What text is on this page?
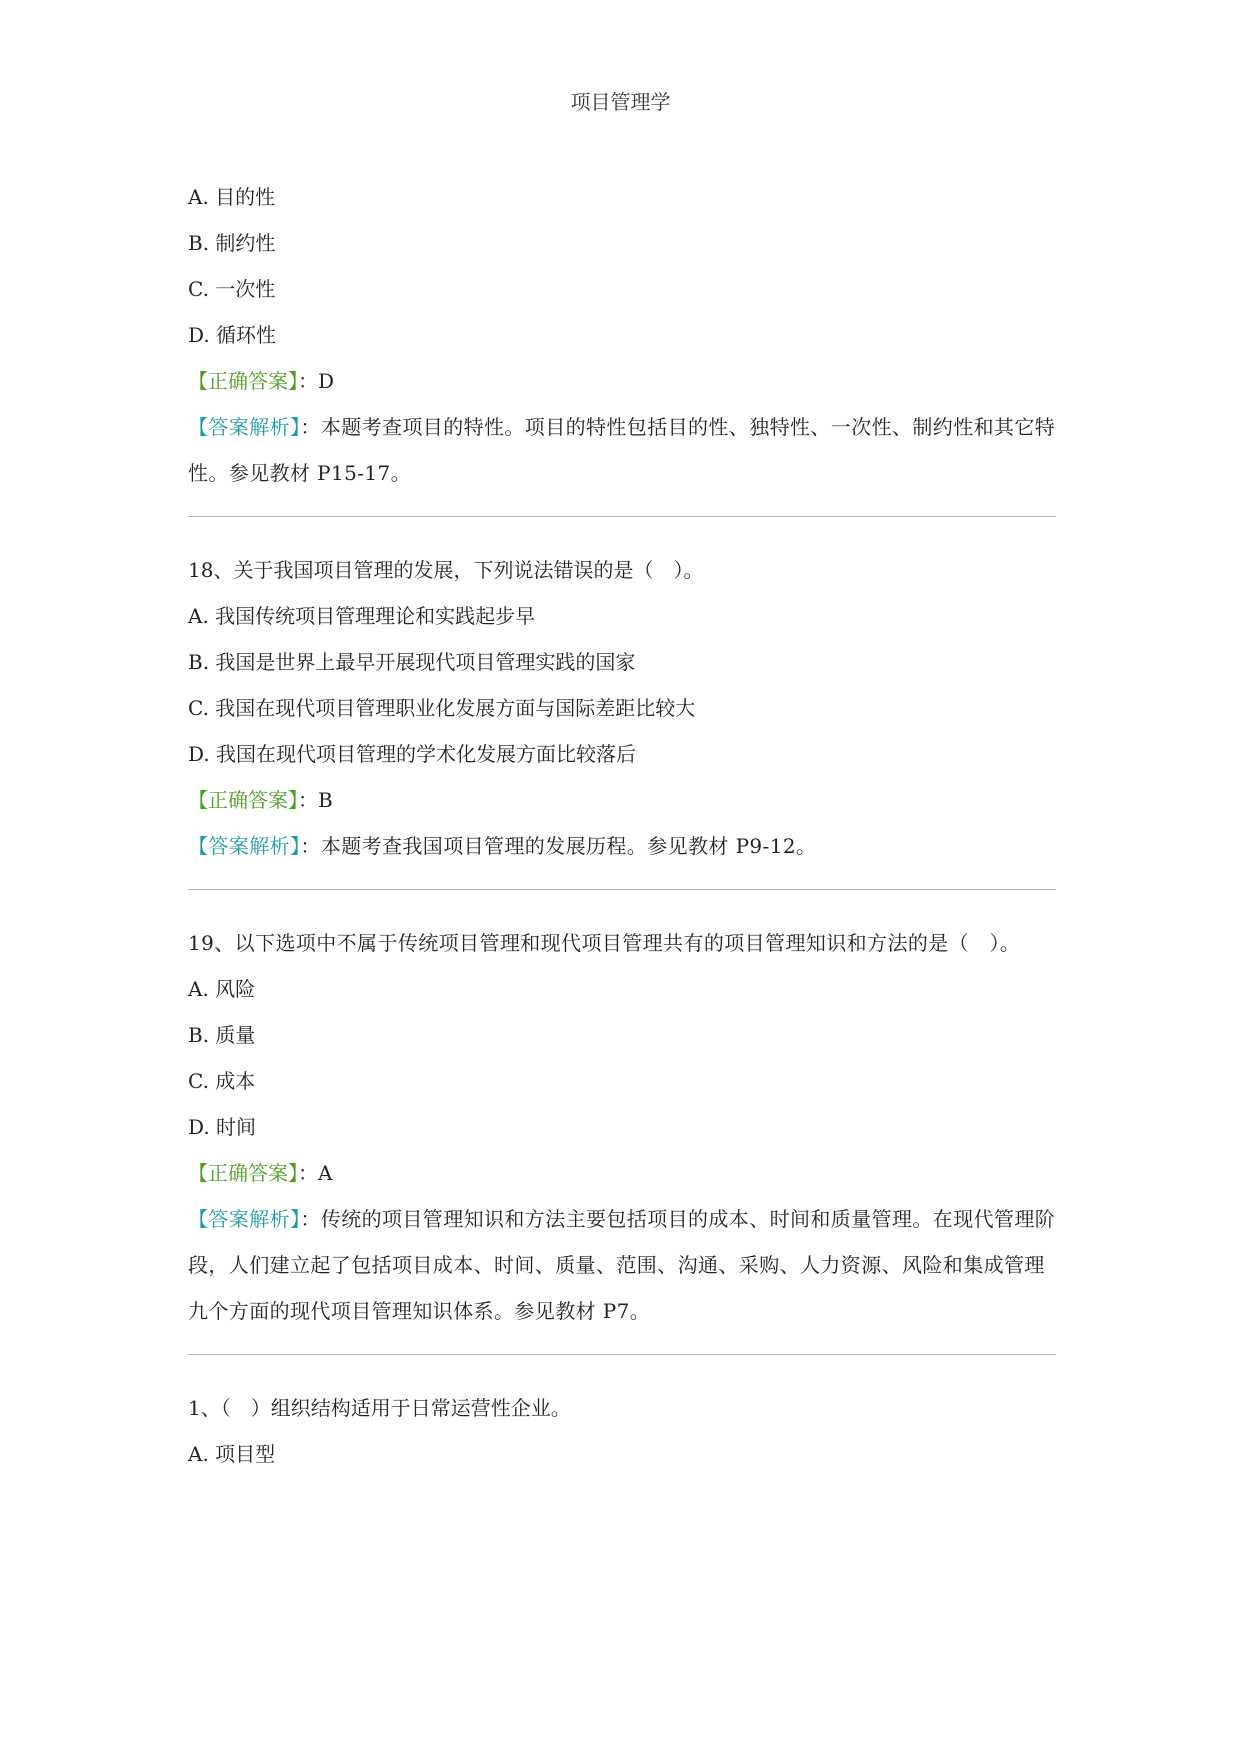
项目管理学
A. 目的性
B. 制约性
C. 一次性
D. 循环性
【正确答案】：D
【答案解析】：本题考查项目的特性。项目的特性包括目的性、独特性、一次性、制约性和其它特性。参见教材 P15-17。
18、关于我国项目管理的发展，下列说法错误的是（　）。
A. 我国传统项目管理理论和实践起步早
B. 我国是世界上最早开展现代项目管理实践的国家
C. 我国在现代项目管理职业化发展方面与国际差距比较大
D. 我国在现代项目管理的学术化发展方面比较落后
【正确答案】：B
【答案解析】：本题考查我国项目管理的发展历程。参见教材 P9-12。
19、以下选项中不属于传统项目管理和现代项目管理共有的项目管理知识和方法的是（　）。
A. 风险
B. 质量
C. 成本
D. 时间
【正确答案】：A
【答案解析】：传统的项目管理知识和方法主要包括项目的成本、时间和质量管理。在现代管理阶段，人们建立起了包括项目成本、时间、质量、范围、沟通、采购、人力资源、风险和集成管理九个方面的现代项目管理知识体系。参见教材 P7。
1、（　）组织结构适用于日常运营性企业。
A. 项目型
